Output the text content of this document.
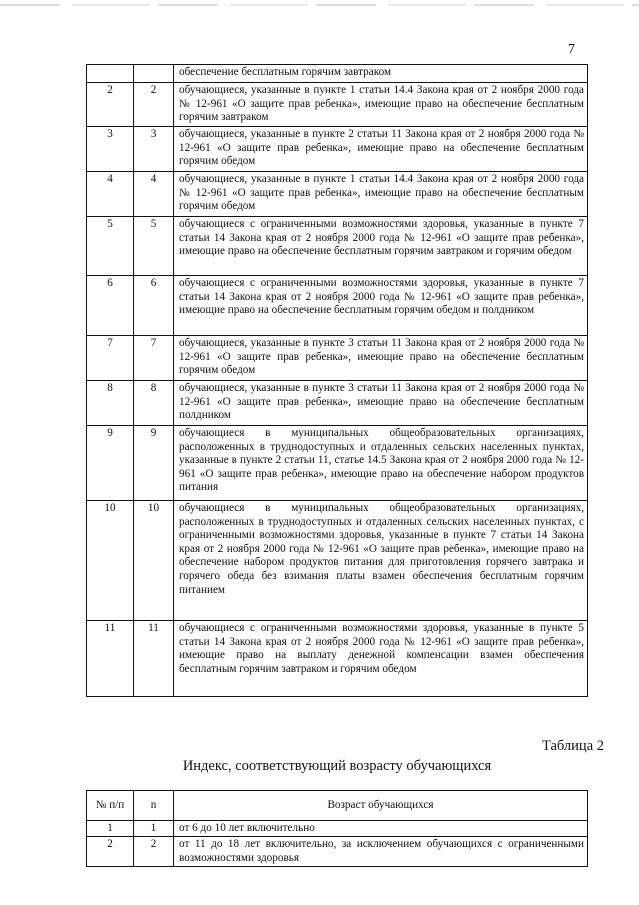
7
		обеспечение бесплатным горячим завтраком
2	2	обучающиеся, указанные в пункте 1 статьи 14.4 Закона края от 2 ноября 2000 года № 12-961 «О защите прав ребенка», имеющие право на обеспечение бесплатным горячим завтраком
3	3	обучающиеся, указанные в пункте 2 статьи 11 Закона края от 2 ноября 2000 года № 12-961 «О защите прав ребенка», имеющие право на обеспечение бесплатным горячим обедом
4	4	обучающиеся, указанные в пункте 1 статьи 14.4 Закона края от 2 ноября 2000 года № 12-961 «О защите прав ребенка», имеющие право на обеспечение бесплатным горячим обедом
5	5	обучающиеся с ограниченными возможностями здоровья, указанные в пункте 7 статьи 14 Закона края от 2 ноября 2000 года № 12-961 «О защите прав ребенка», имеющие право на обеспечение бесплатным горячим завтраком и горячим обедом
6	6	обучающиеся с ограниченными возможностями здоровья, указанные в пункте 7 статьи 14 Закона края от 2 ноября 2000 года № 12-961 «О защите прав ребенка», имеющие право на обеспечение бесплатным горячим обедом и полдником
7	7	обучающиеся, указанные в пункте 3 статьи 11 Закона края от 2 ноября 2000 года № 12-961 «О защите прав ребенка», имеющие право на обеспечение бесплатным горячим обедом
8	8	обучающиеся, указанные в пункте 3 статьи 11 Закона края от 2 ноября 2000 года № 12-961 «О защите прав ребенка», имеющие право на обеспечение бесплатным полдником
9	9	обучающиеся в муниципальных общеобразовательных организациях, расположенных в труднодоступных и отдаленных сельских населенных пунктах, указанные в пункте 2 статьи 11, статье 14.5 Закона края от 2 ноября 2000 года № 12-961 «О защите прав ребенка», имеющие право на обеспечение набором продуктов питания
10	10	обучающиеся в муниципальных общеобразовательных организациях, расположенных в труднодоступных и отдаленных сельских населенных пунктах, с ограниченными возможностями здоровья, указанные в пункте 7 статьи 14 Закона края от 2 ноября 2000 года № 12-961 «О защите прав ребенка», имеющие право на обеспечение набором продуктов питания для приготовления горячего завтрака и горячего обеда без взимания платы взамен обеспечения бесплатным горячим питанием
11	11	обучающиеся с ограниченными возможностями здоровья, указанные в пункте 5 статьи 14 Закона края от 2 ноября 2000 года № 12-961 «О защите прав ребенка», имеющие право на выплату денежной компенсации взамен обеспечения бесплатным горячим завтраком и горячим обедом
Таблица 2
Индекс, соответствующий возрасту обучающихся
№ п/п	n	Возраст обучающихся
1	1	от 6 до 10 лет включительно
2	2	от 11 до 18 лет включительно, за исключением обучающихся с ограниченными возможностями здоровья
